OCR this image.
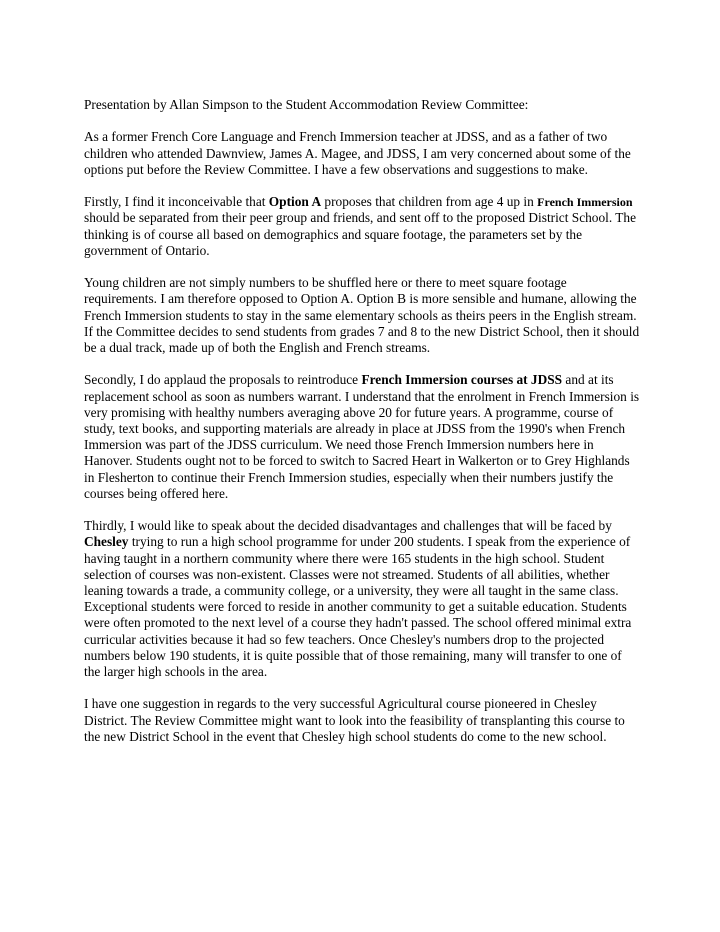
Presentation by Allan Simpson to the Student Accommodation Review Committee:

As a former French Core Language and French Immersion teacher at JDSS, and as a father of two children who attended Dawnview, James A. Magee, and JDSS, I am very concerned about some of the options put before the Review Committee. I have a few observations and suggestions to make.

Firstly, I find it inconceivable that Option A proposes that children from age 4 up in French Immersion should be separated from their peer group and friends, and sent off to the proposed District School. The thinking is of course all based on demographics and square footage, the parameters set by the government of Ontario.

Young children are not simply numbers to be shuffled here or there to meet square footage requirements. I am therefore opposed to Option A. Option B is more sensible and humane, allowing the French Immersion students to stay in the same elementary schools as theirs peers in the English stream. If the Committee decides to send students from grades 7 and 8 to the new District School, then it should be a dual track, made up of both the English and French streams.

Secondly, I do applaud the proposals to reintroduce French Immersion courses at JDSS and at its replacement school as soon as numbers warrant. I understand that the enrolment in French Immersion is very promising with healthy numbers averaging above 20 for future years. A programme, course of study, text books, and supporting materials are already in place at JDSS from the 1990's when French Immersion was part of the JDSS curriculum. We need those French Immersion numbers here in Hanover. Students ought not to be forced to switch to Sacred Heart in Walkerton or to Grey Highlands in Flesherton to continue their French Immersion studies, especially when their numbers justify the courses being offered here.

Thirdly, I would like to speak about the decided disadvantages and challenges that will be faced by Chesley trying to run a high school programme for under 200 students. I speak from the experience of having taught in a northern community where there were 165 students in the high school. Student selection of courses was non-existent. Classes were not streamed. Students of all abilities, whether leaning towards a trade, a community college, or a university, they were all taught in the same class. Exceptional students were forced to reside in another community to get a suitable education. Students were often promoted to the next level of a course they hadn't passed. The school offered minimal extra curricular activities because it had so few teachers. Once Chesley's numbers drop to the projected numbers below 190 students, it is quite possible that of those remaining, many will transfer to one of the larger high schools in the area.

I have one suggestion in regards to the very successful Agricultural course pioneered in Chesley District. The Review Committee might want to look into the feasibility of transplanting this course to the new District School in the event that Chesley high school students do come to the new school.
